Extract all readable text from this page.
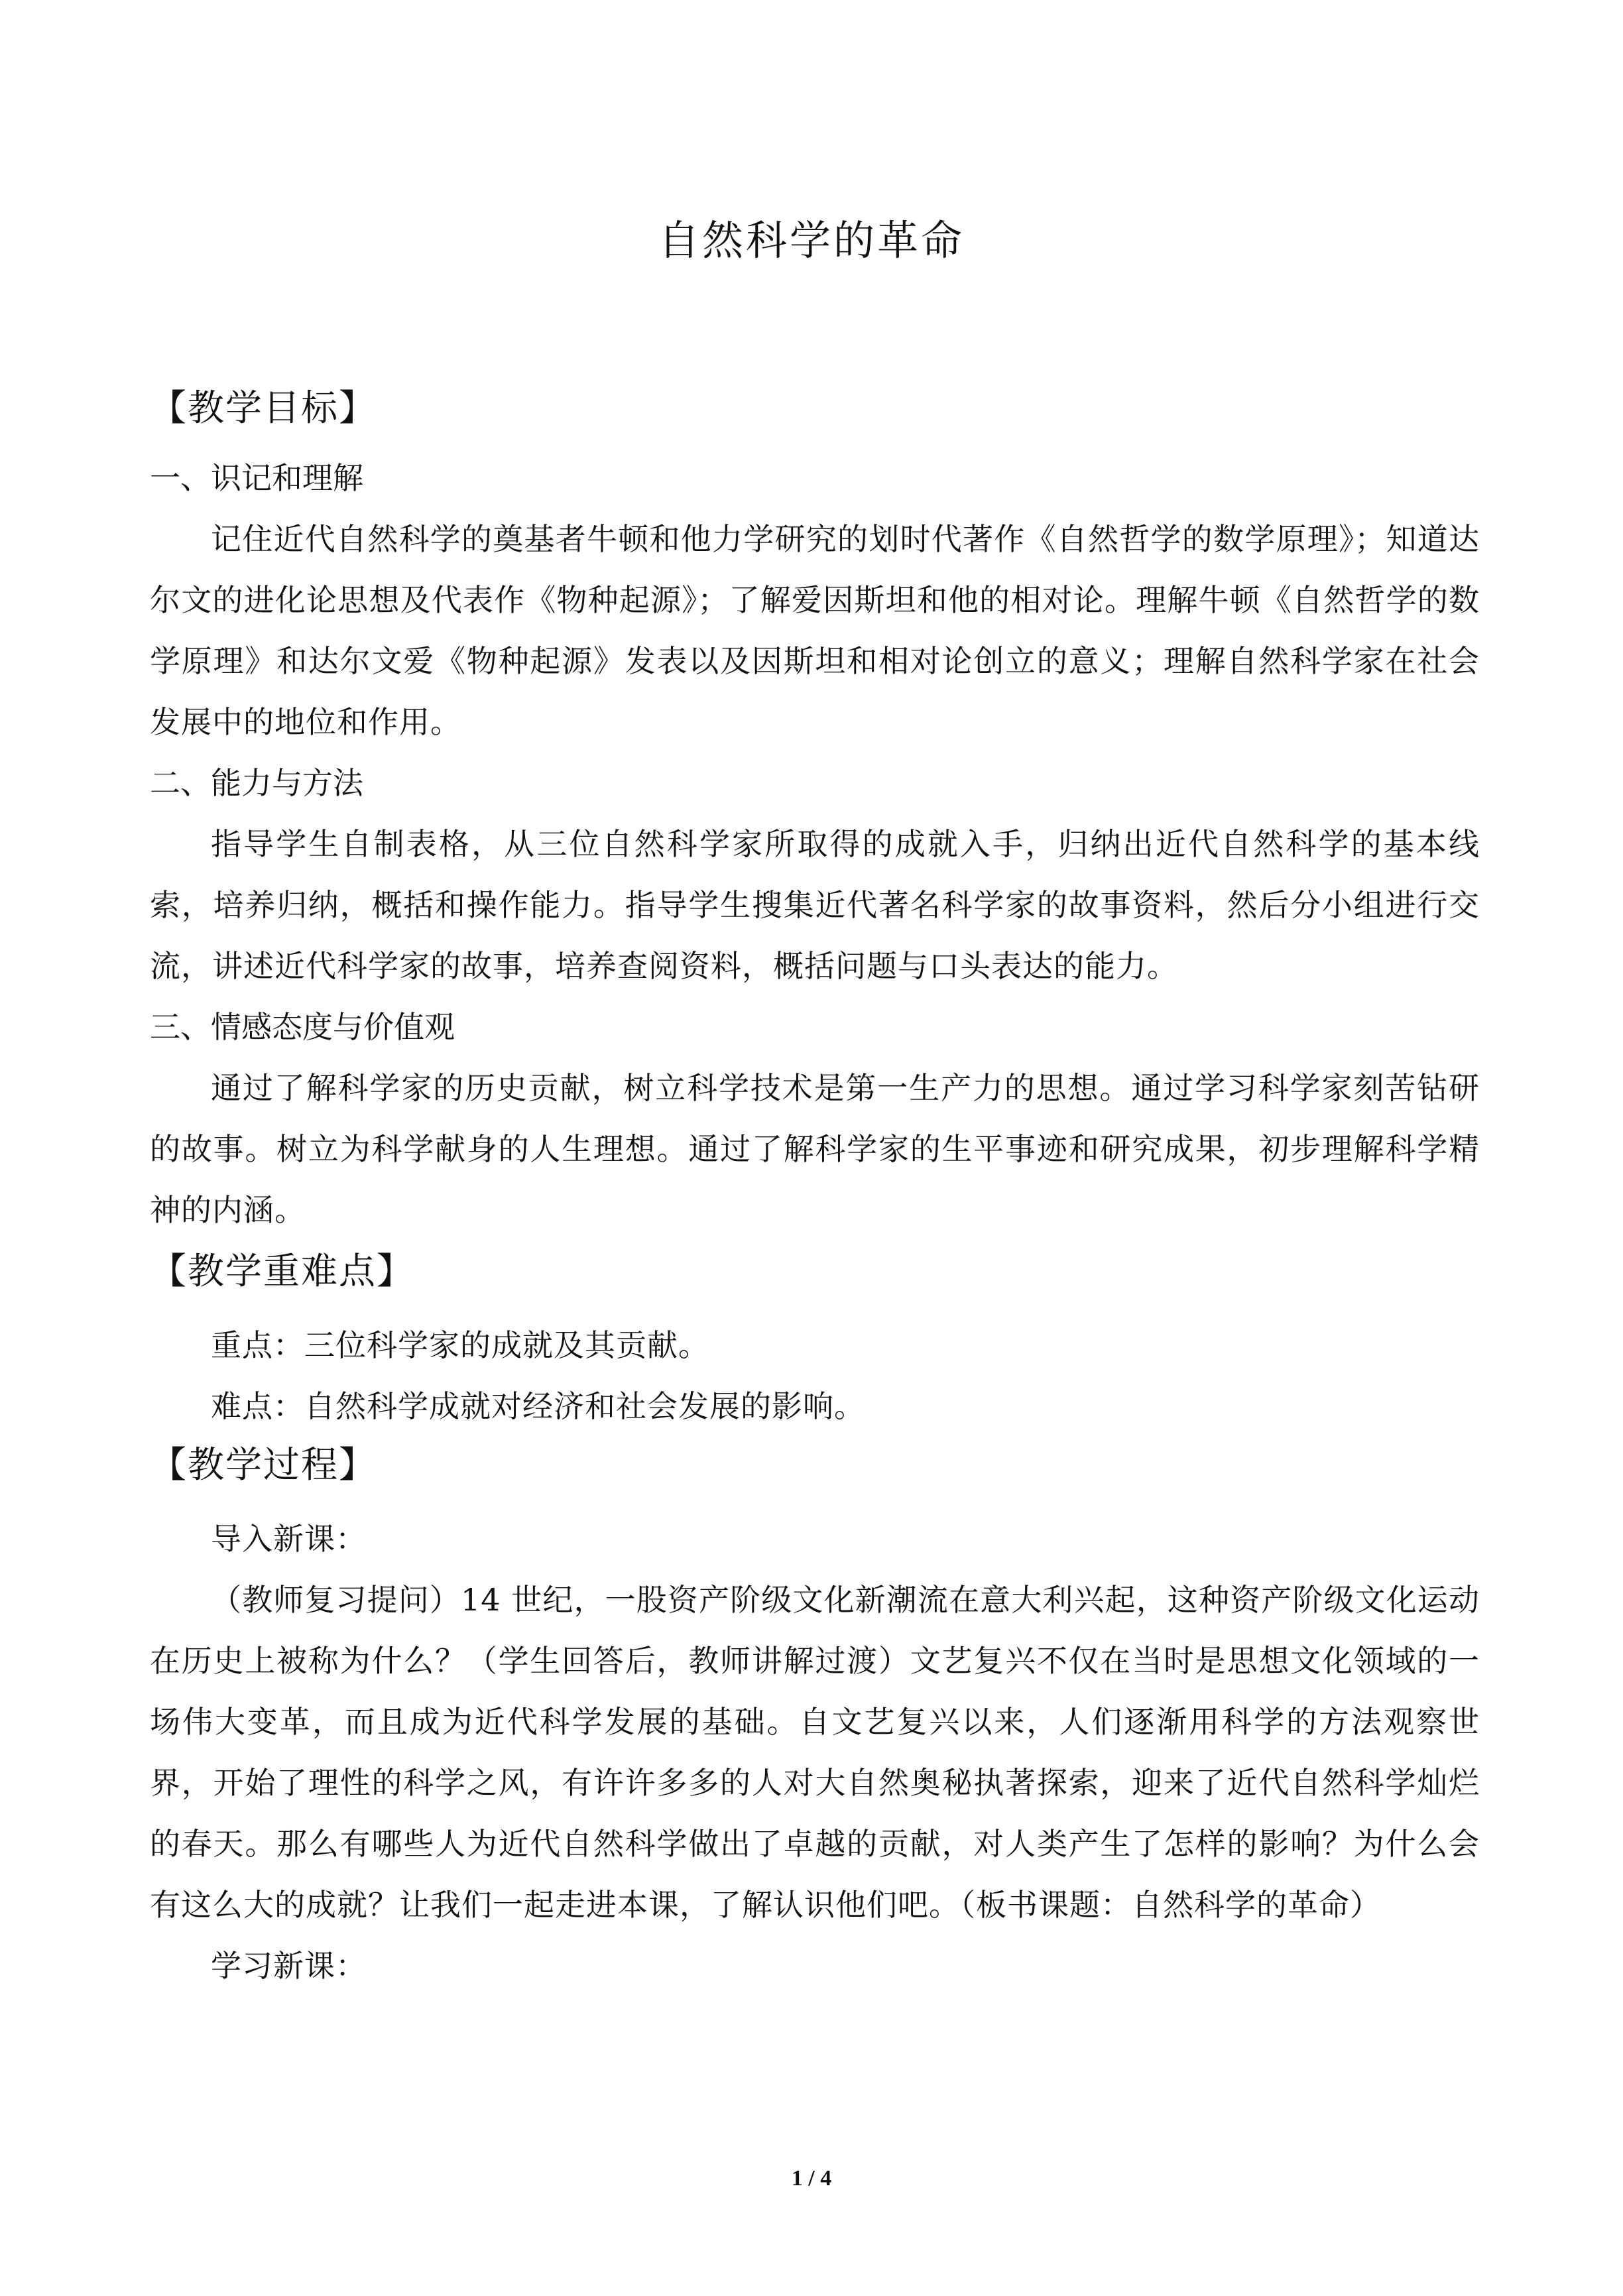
自然科学的革命
【教学目标】

一、识记和理解

记住近代自然科学的奠基者牛顿和他力学研究的划时代著作《自然哲学的数学原理》；知道达尔文的进化论思想及代表作《物种起源》；了解爱因斯坦和他的相对论。理解牛顿《自然哲学的数学原理》和达尔文爱《物种起源》发表以及因斯坦和相对论创立的意义；理解自然科学家在社会发展中的地位和作用。

二、能力与方法

指导学生自制表格，从三位自然科学家所取得的成就入手，归纳出近代自然科学的基本线索，培养归纳，概括和操作能力。指导学生搜集近代著名科学家的故事资料，然后分小组进行交流，讲述近代科学家的故事，培养查阅资料，概括问题与口头表达的能力。

三、情感态度与价值观

通过了解科学家的历史贡献，树立科学技术是第一生产力的思想。通过学习科学家刻苦钻研的故事。树立为科学献身的人生理想。通过了解科学家的生平事迹和研究成果，初步理解科学精神的内涵。

【教学重难点】

重点：三位科学家的成就及其贡献。

难点：自然科学成就对经济和社会发展的影响。

【教学过程】

导入新课：

（教师复习提问）14 世纪，一股资产阶级文化新潮流在意大利兴起，这种资产阶级文化运动在历史上被称为什么？（学生回答后，教师讲解过渡）文艺复兴不仅在当时是思想文化领域的一场伟大变革，而且成为近代科学发展的基础。自文艺复兴以来，人们逐渐用科学的方法观察世界，开始了理性的科学之风，有许许多多的人对大自然奥秘执著探索，迎来了近代自然科学灿烂的春天。那么有哪些人为近代自然科学做出了卓越的贡献，对人类产生了怎样的影响？为什么会有这么大的成就？让我们一起走进本课，了解认识他们吧。（板书课题：自然科学的革命）

学习新课：

1 / 4
